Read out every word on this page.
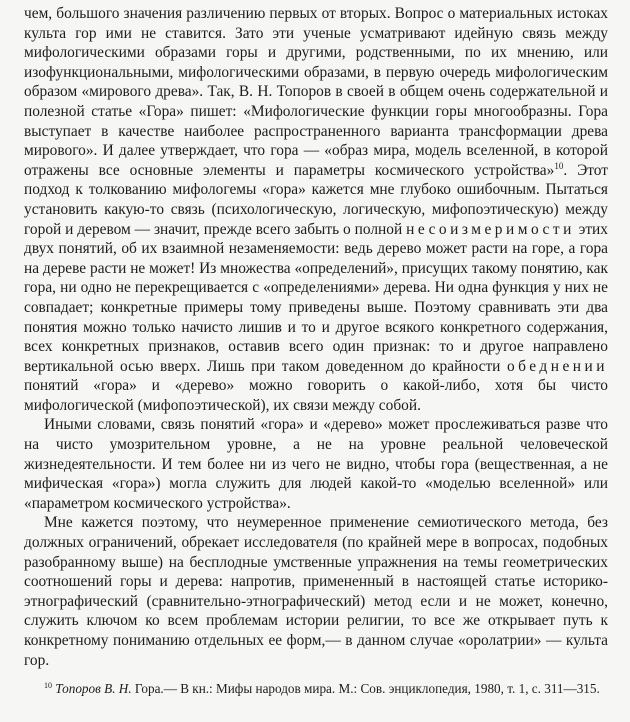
чем, большого значения различению первых от вторых. Вопрос о материальных истоках культа гор ими не ставится. Зато эти ученые усматривают идейную связь между мифологическими образами горы и другими, родственными, по их мнению, или изофункциональными, мифологическими образами, в первую очередь мифологическим образом «мирового древа». Так, В. Н. Топоров в своей в общем очень содержательной и полезной статье «Гора» пишет: «Мифологические функции горы многообразны. Гора выступает в качестве наиболее распространенного варианта трансформации древа мирового». И далее утверждает, что гора — «образ мира, модель вселенной, в которой отражены все основные элементы и параметры космического устройства»$^{10}$. Этот подход к толкованию мифологемы «гора» кажется мне глубоко ошибочным. Пытаться установить какую-то связь (психологическую, логическую, мифопоэтическую) между горой и деревом — значит, прежде всего забыть о полной несоизмеримости этих двух понятий, об их взаимной незаменяемости: ведь дерево может расти на горе, а гора на дереве расти не может! Из множества «определений», присущих такому понятию, как гора, ни одно не перекрещивается с «определениями» дерева. Ни одна функция у них не совпадает; конкретные примеры тому приведены выше. Поэтому сравнивать эти два понятия можно только начисто лишив и то и другое всякого конкретного содержания, всех конкретных признаков, оставив всего один признак: то и другое направлено вертикальной осью вверх. Лишь при таком доведенном до крайности обеднении понятий «гора» и «дерево» можно говорить о какой-либо, хотя бы чисто мифологической (мифопоэтической), их связи между собой.

Иными словами, связь понятий «гора» и «дерево» может прослеживаться разве что на чисто умозрительном уровне, а не на уровне реальной человеческой жизнедеятельности. И тем более ни из чего не видно, чтобы гора (вещественная, а не мифическая «гора») могла служить для людей какой-то «моделью вселенной» или «параметром космического устройства».

Мне кажется поэтому, что неумеренное применение семиотического метода, без должных ограничений, обрекает исследователя (по крайней мере в вопросах, подобных разобранному выше) на бесплодные умственные упражнения на темы геометрических соотношений горы и дерева: напротив, примененный в настоящей статье историко-этнографический (сравнительно-этнографический) метод если и не может, конечно, служить ключом ко всем проблемам истории религии, то все же открывает путь к конкретному пониманию отдельных ее форм,— в данном случае «оролатрии» — культа гор.

$^{10}$ Топоров В. Н. Гора.— В кн.: Мифы народов мира. М.: Сов. энциклопедия, 1980, т. 1, с. 311—315.
